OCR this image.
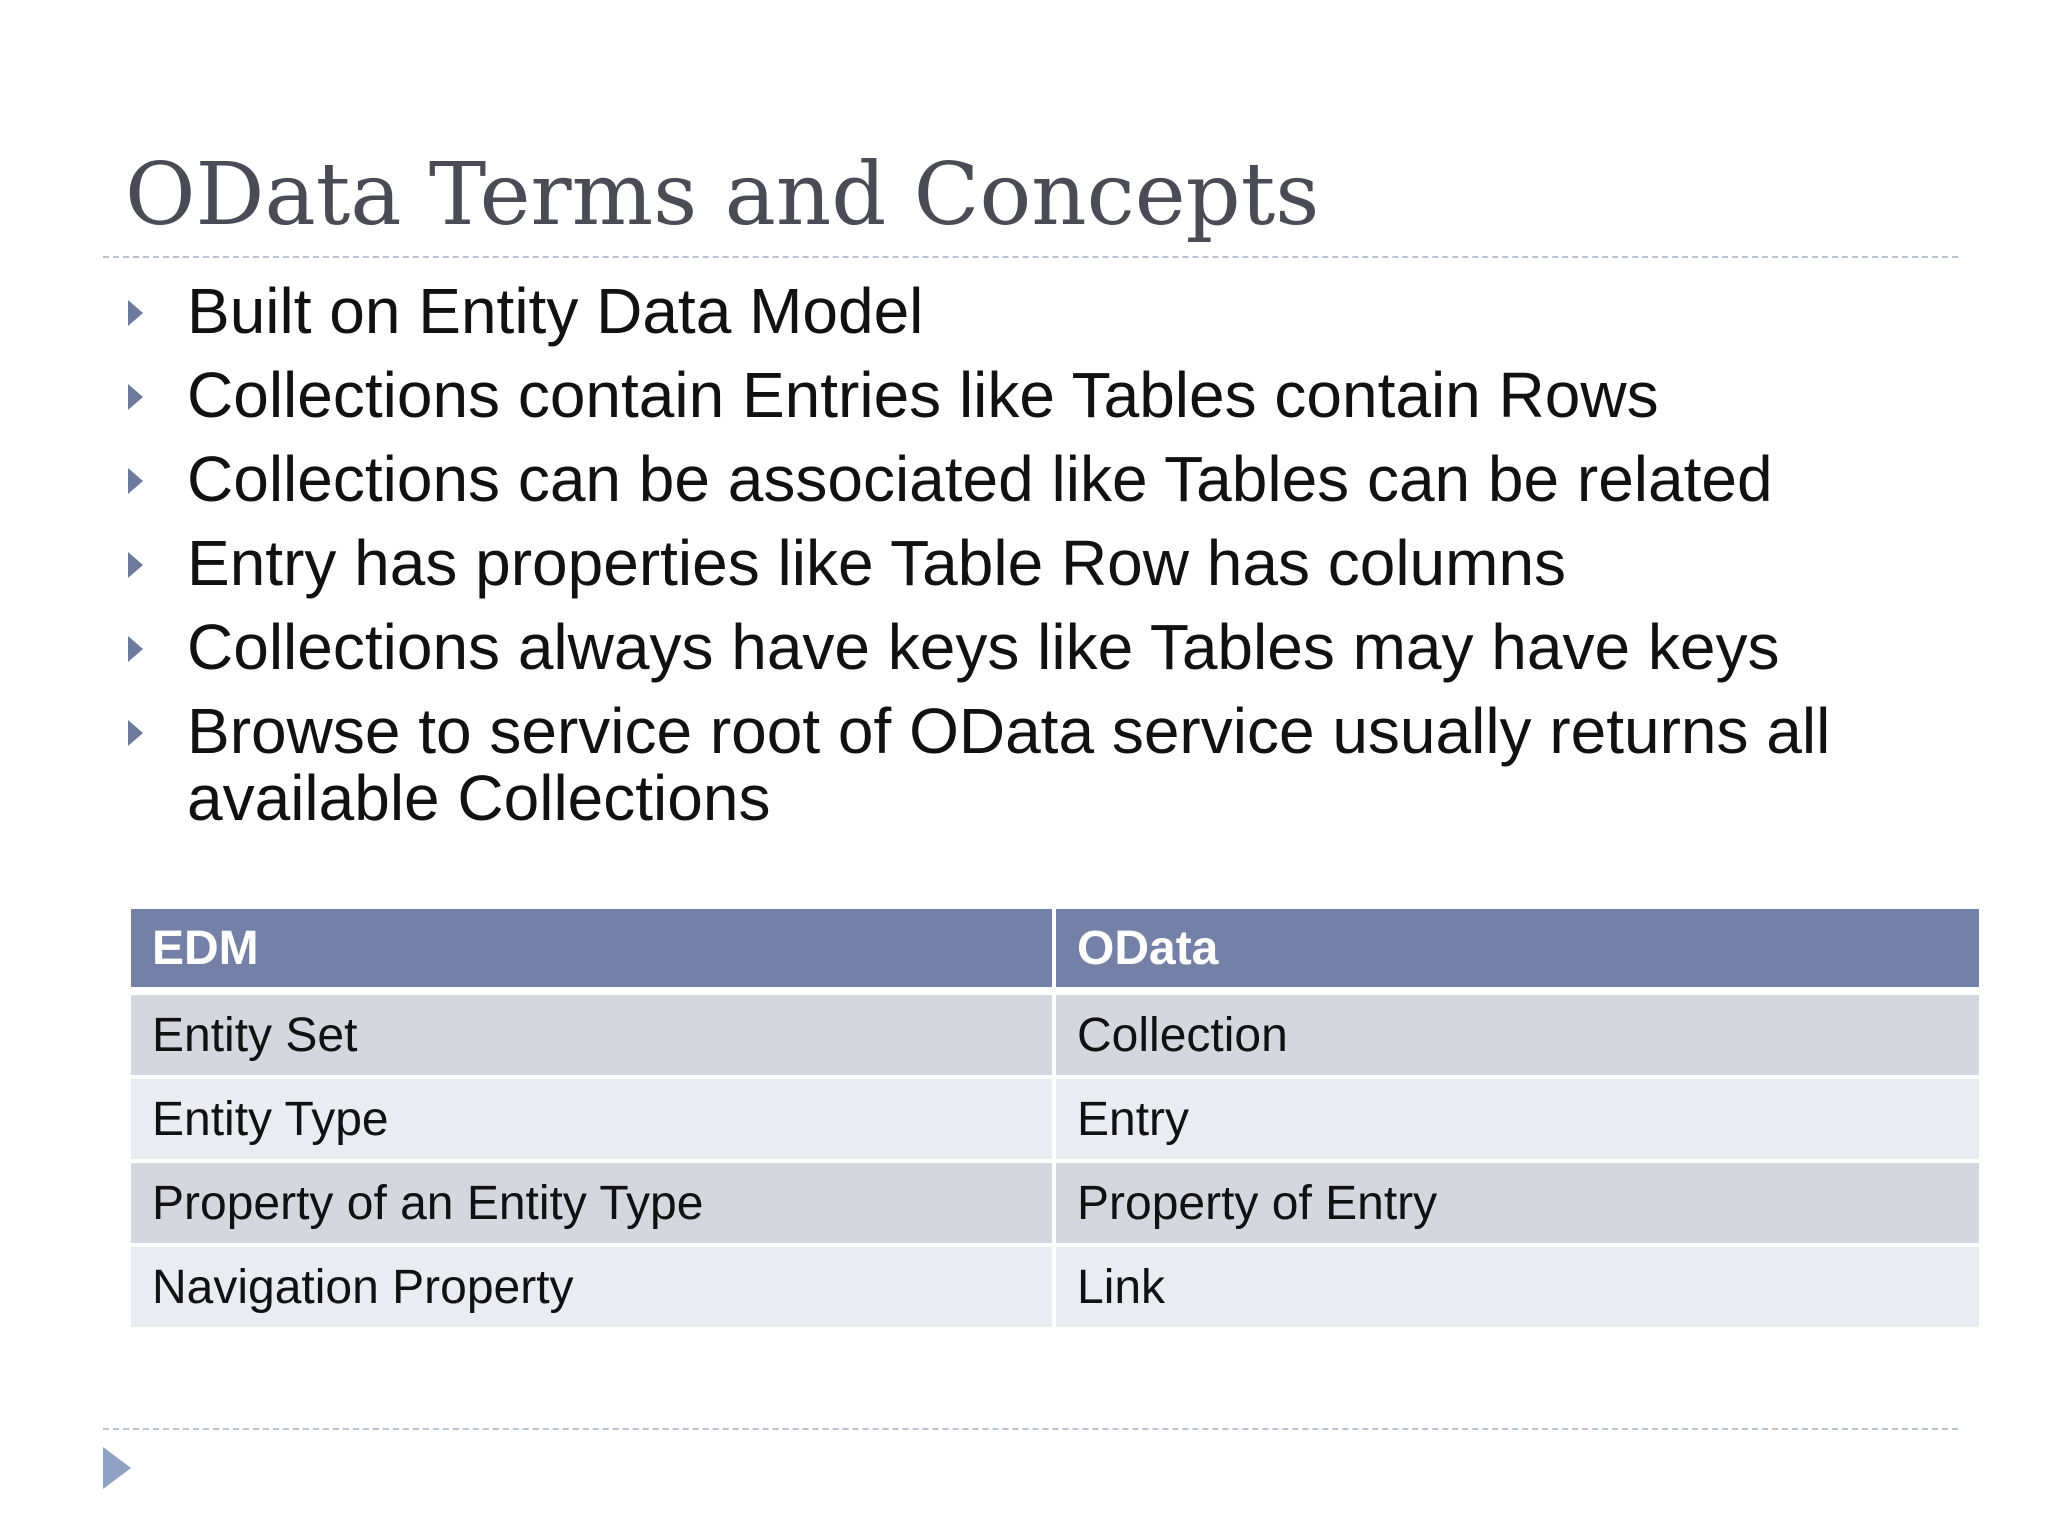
OData Terms and Concepts
Built on Entity Data Model
Collections contain Entries like Tables contain Rows
Collections can be associated like Tables can be related
Entry has properties like Table Row has columns
Collections always have keys like Tables may have keys
Browse to service root of OData service usually returns all available Collections
EDM	OData
Entity Set	Collection
Entity Type	Entry
Property of an Entity Type	Property of Entry
Navigation Property	Link
